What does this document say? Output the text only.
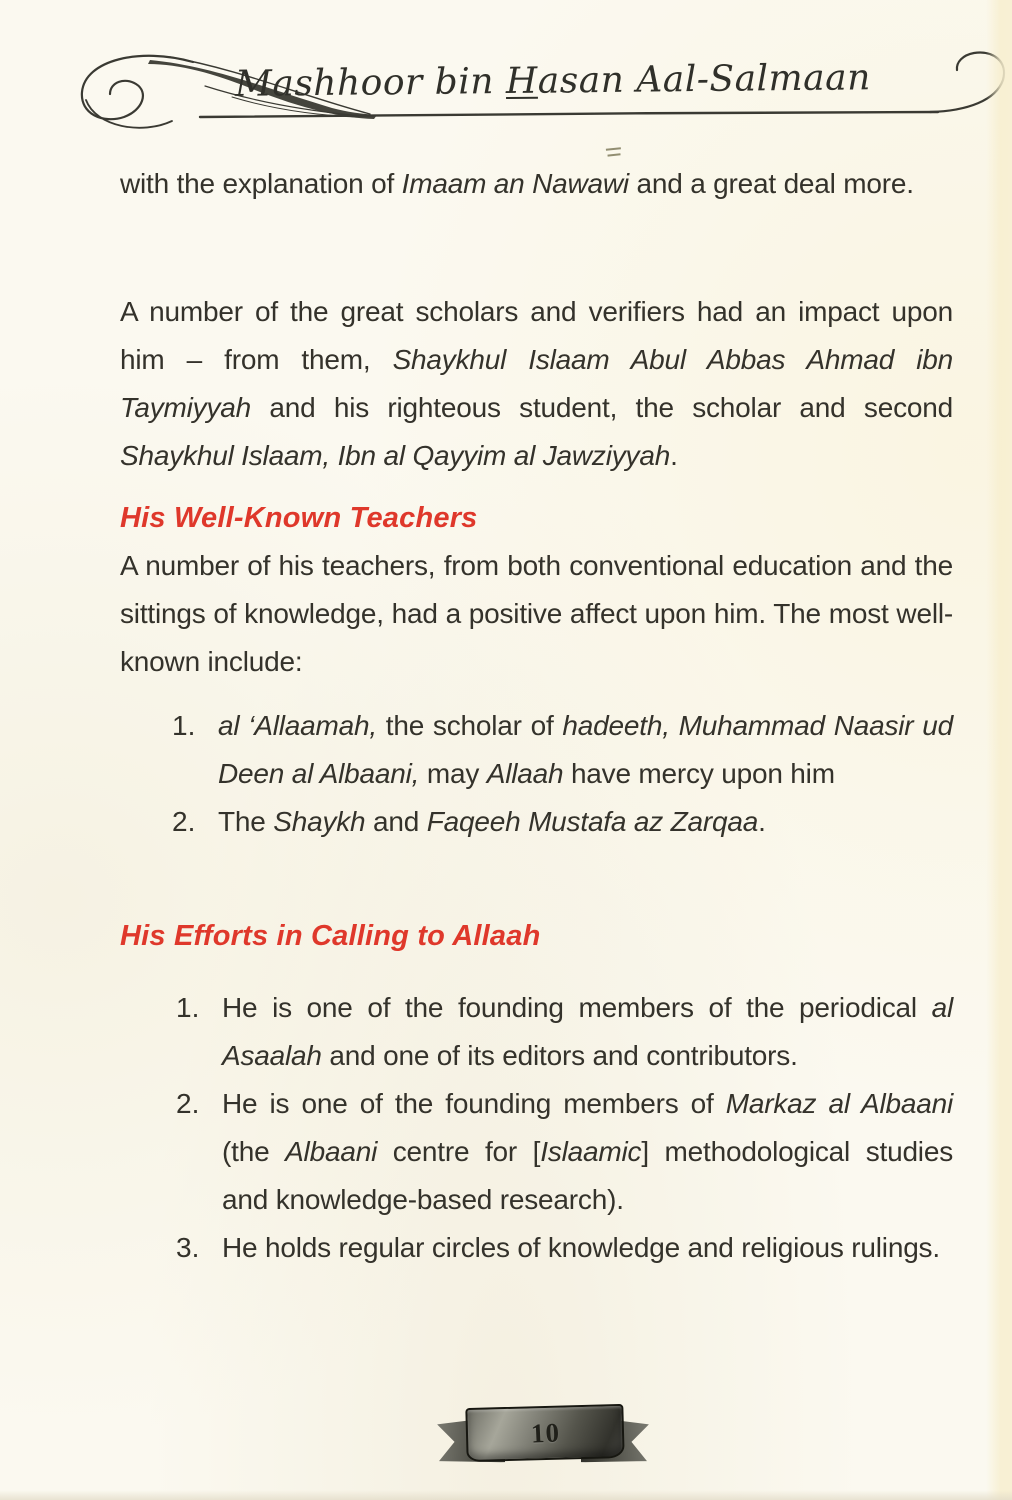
Mashhoor bin Hasan Aal-Salmaan
with the explanation of Imaam an Nawawi and a great deal more.
A number of the great scholars and verifiers had an impact upon him – from them, Shaykhul Islaam Abul Abbas Ahmad ibn Taymiyyah and his righteous student, the scholar and second Shaykhul Islaam, Ibn al Qayyim al Jawziyyah.
His Well-Known Teachers
A number of his teachers, from both conventional education and the sittings of knowledge, had a positive affect upon him. The most well-known include:
1. al ‘Allaamah, the scholar of hadeeth, Muhammad Naasir ud Deen al Albaani, may Allaah have mercy upon him
2. The Shaykh and Faqeeh Mustafa az Zarqaa.
His Efforts in Calling to Allaah
1. He is one of the founding members of the periodical al Asaalah and one of its editors and contributors.
2. He is one of the founding members of Markaz al Albaani (the Albaani centre for [Islaamic] methodological studies and knowledge-based research).
3. He holds regular circles of knowledge and religious rulings.
10
